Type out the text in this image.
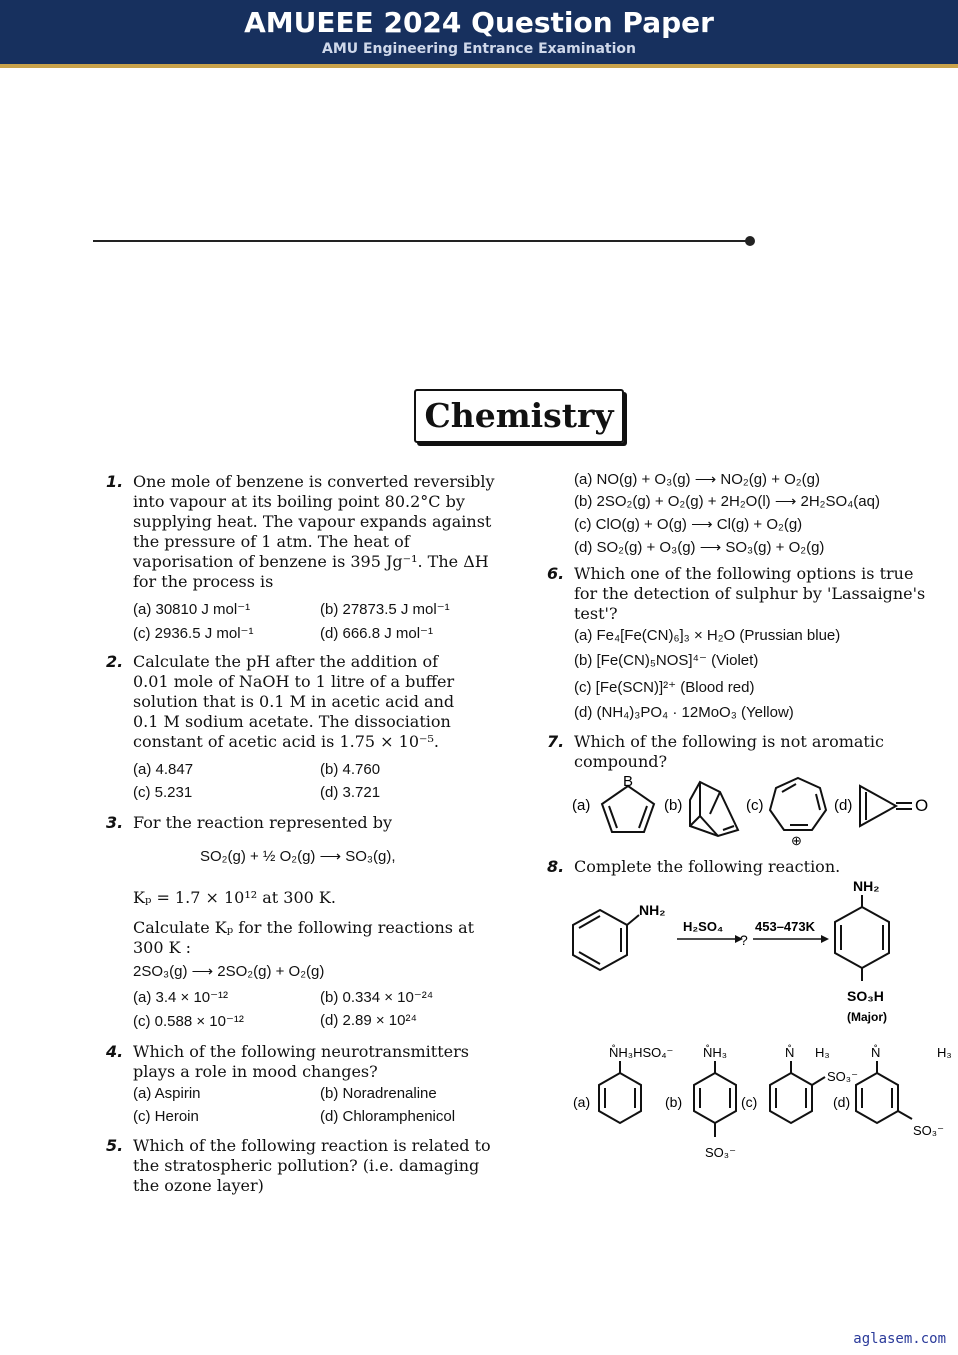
AMUEEE 2024 Question Paper
AMU Engineering Entrance Examination
Chemistry
1. One mole of benzene is converted reversibly
into vapour at its boiling point 80.2°C by
supplying heat. The vapour expands against
the pressure of 1 atm. The heat of
vaporisation of benzene is 395 Jg⁻¹. The ΔH
for the process is
(a) 30810 J mol⁻¹	(b) 27873.5 J mol⁻¹
(c) 2936.5 J mol⁻¹	(d) 666.8 J mol⁻¹
2. Calculate the pH after the addition of
0.01 mole of NaOH to 1 litre of a buffer
solution that is 0.1 M in acetic acid and
0.1 M sodium acetate. The dissociation
constant of acetic acid is 1.75 × 10⁻⁵.
(a) 4.847	(b) 4.760
(c) 5.231	(d) 3.721
3. For the reaction represented by
SO₂(g) + ½ O₂(g) ⟶ SO₃(g),
Kₚ = 1.7 × 10¹² at 300 K.
Calculate Kₚ for the following reactions at
300 K :
2SO₃(g) ⟶ 2SO₂(g) + O₂(g)
(a) 3.4 × 10⁻¹²	(b) 0.334 × 10⁻²⁴
(c) 0.588 × 10⁻¹²	(d) 2.89 × 10²⁴
4. Which of the following neurotransmitters
plays a role in mood changes?
(a) Aspirin	(b) Noradrenaline
(c) Heroin	(d) Chloramphenicol
5. Which of the following reaction is related to
the stratospheric pollution? (i.e. damaging
the ozone layer)
(a) NO(g) + O₃(g) ⟶ NO₂(g) + O₂(g)
(b) 2SO₂(g) + O₂(g) + 2H₂O(l) ⟶ 2H₂SO₄(aq)
(c) ClO(g) + O(g) ⟶ Cl(g) + O₂(g)
(d) SO₂(g) + O₃(g) ⟶ SO₃(g) + O₂(g)
6. Which one of the following options is true
for the detection of sulphur by 'Lassaigne's
test'?
(a) Fe₄[Fe(CN)₆]₃ × H₂O (Prussian blue)
(b) [Fe(CN)₅NOS]⁴⁻ (Violet)
(c) [Fe(SCN)]²⁺ (Blood red)
(d) (NH₄)₃PO₄ · 12MoO₃ (Yellow)
7. Which of the following is not aromatic
compound?
(a)
B
(b)	(c)
⊕
(d)	O
8. Complete the following reaction.
NH₂
H₂SO₄
?
453–473K
NH₂
SO₃H
(Major)
N̊H₃HSO₄⁻
(a)
N̊H₃
(b)
SO₃⁻
N̊ H₃
SO₃⁻
(c)
N̊	H₃
(d)
SO₃⁻
aglasem.com
